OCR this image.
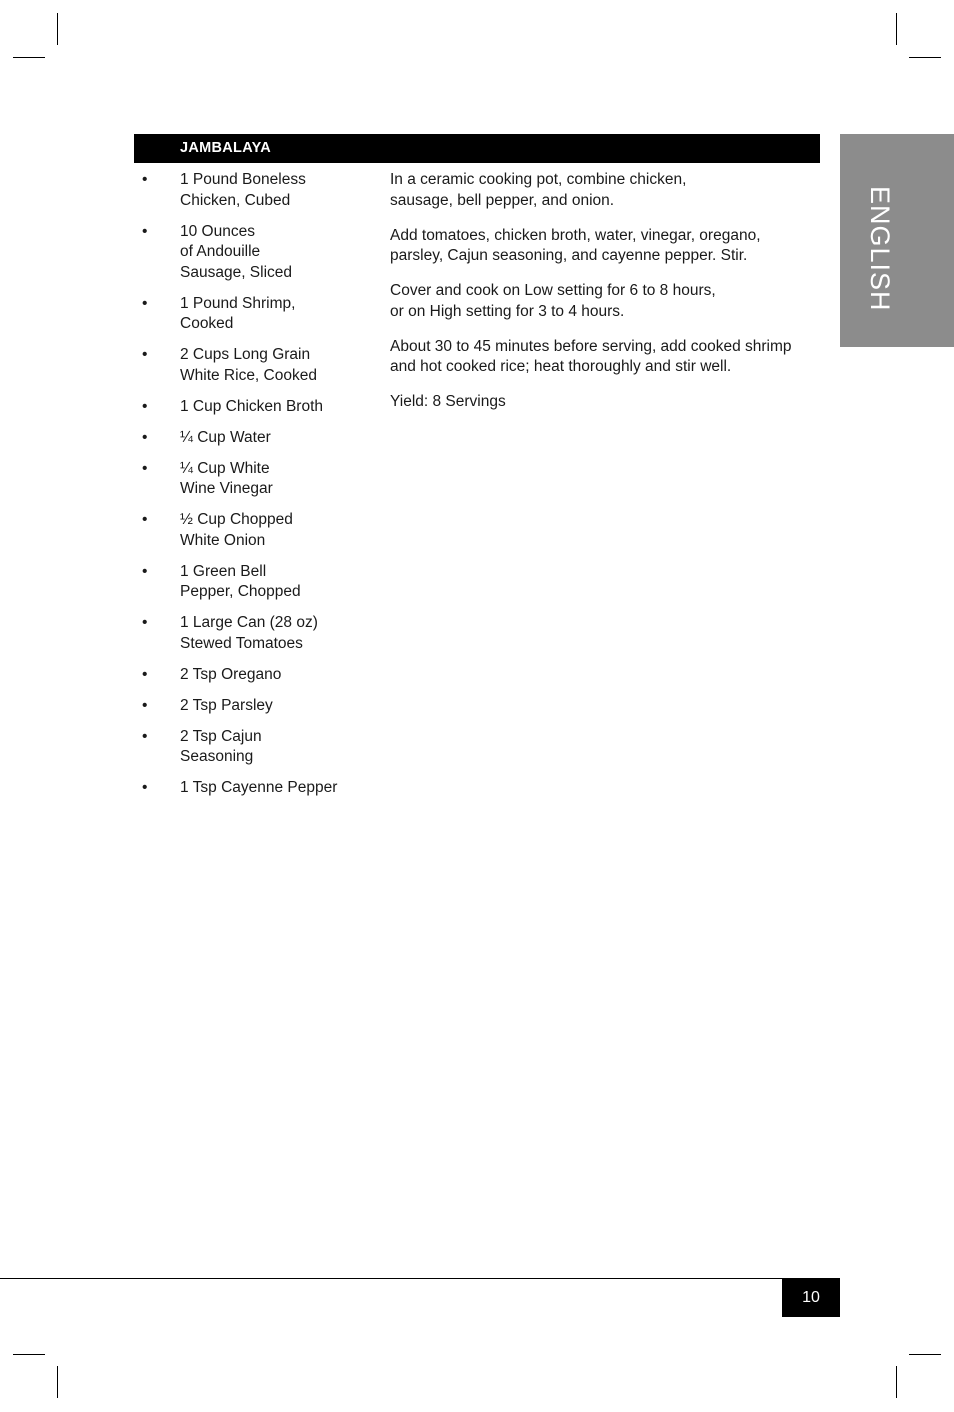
JAMBALAYA
ENGLISH
• 1 Pound Boneless
Chicken, Cubed
• 10 Ounces
of Andouille
Sausage, Sliced
• 1 Pound Shrimp,
Cooked
• 2 Cups Long Grain
White Rice, Cooked
• 1 Cup Chicken Broth
• ¼ Cup Water
• ¼ Cup White
Wine Vinegar
• ½ Cup Chopped
White Onion
• 1 Green Bell
Pepper, Chopped
• 1 Large Can (28 oz)
Stewed Tomatoes
• 2 Tsp Oregano
• 2 Tsp Parsley
• 2 Tsp Cajun
Seasoning
• 1 Tsp Cayenne Pepper

In a ceramic cooking pot, combine chicken,
sausage, bell pepper, and onion.

Add tomatoes, chicken broth, water, vinegar, oregano,
parsley, Cajun seasoning, and cayenne pepper. Stir.

Cover and cook on Low setting for 6 to 8 hours,
or on High setting for 3 to 4 hours.

About 30 to 45 minutes before serving, add cooked shrimp
and hot cooked rice; heat thoroughly and stir well.

Yield: 8 Servings

10
